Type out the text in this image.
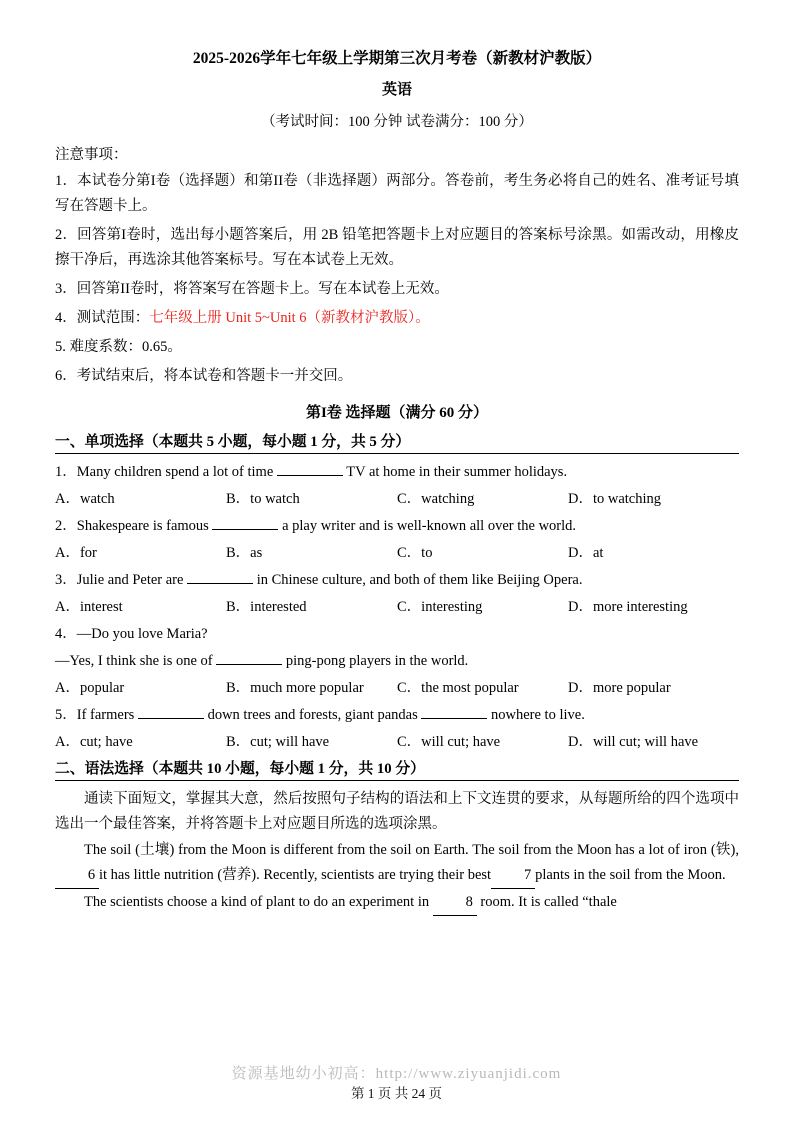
2025-2026学年七年级上学期第三次月考卷（新教材沪教版）
英语
（考试时间：100 分钟 试卷满分：100 分）
注意事项：

1．本试卷分第I卷（选择题）和第II卷（非选择题）两部分。答卷前，考生务必将自己的姓名、准考证号填写在答题卡上。

2．回答第I卷时，选出每小题答案后，用 2B 铅笔把答题卡上对应题目的答案标号涂黑。如需改动，用橡皮擦干净后，再选涂其他答案标号。写在本试卷上无效。

3．回答第II卷时，将答案写在答题卡上。写在本试卷上无效。

4．测试范围：七年级上册 Unit 5~Unit 6（新教材沪教版）。

5. 难度系数：0.65。

6．考试结束后，将本试卷和答题卡一并交回。

第I卷 选择题（满分 60 分）
一、单项选择（本题共 5 小题，每小题 1 分，共 5 分）

1．Many children spend a lot of time	TV at home in their summer holidays.

A．watch	B．to watch	C．watching	D．to watching

2．Shakespeare is famous	a play writer and is well-known all over the world.

A．for	B．as	C．to	D．at

3．Julie and Peter are	in Chinese culture, and both of them like Beijing Opera.

A．interest	B．interested	C．interesting	D．more interesting

4．—Do you love Maria?

—Yes, I think she is one of	ping-pong players in the world.

A．popular	B．much more popular	C．the most popular	D．more popular

5．If farmers	down trees and forests, giant pandas	nowhere to live.

A．cut; have	B．cut; will have	C．will cut; have	D．will cut; will have
二、语法选择（本题共 10 小题，每小题 1 分，共 10 分）

通读下面短文，掌握其大意，然后按照句子结构的语法和上下文连贯的要求，从每题所给的四个选项中选出一个最佳答案，并将答题卡上对应题目所选的选项涂黑。

The soil (土壤) from the Moon is different from the soil on Earth. The soil from the Moon has a lot of iron (铁),6 it has little nutrition (营养). Recently, scientists are trying their best 7 plants in the soil from the Moon.

The scientists choose a kind of plant to do an experiment in 8 room. It is called “thale

资源基地幼小初高：http://www.ziyuanjidi.com
第 1 页 共 24 页
